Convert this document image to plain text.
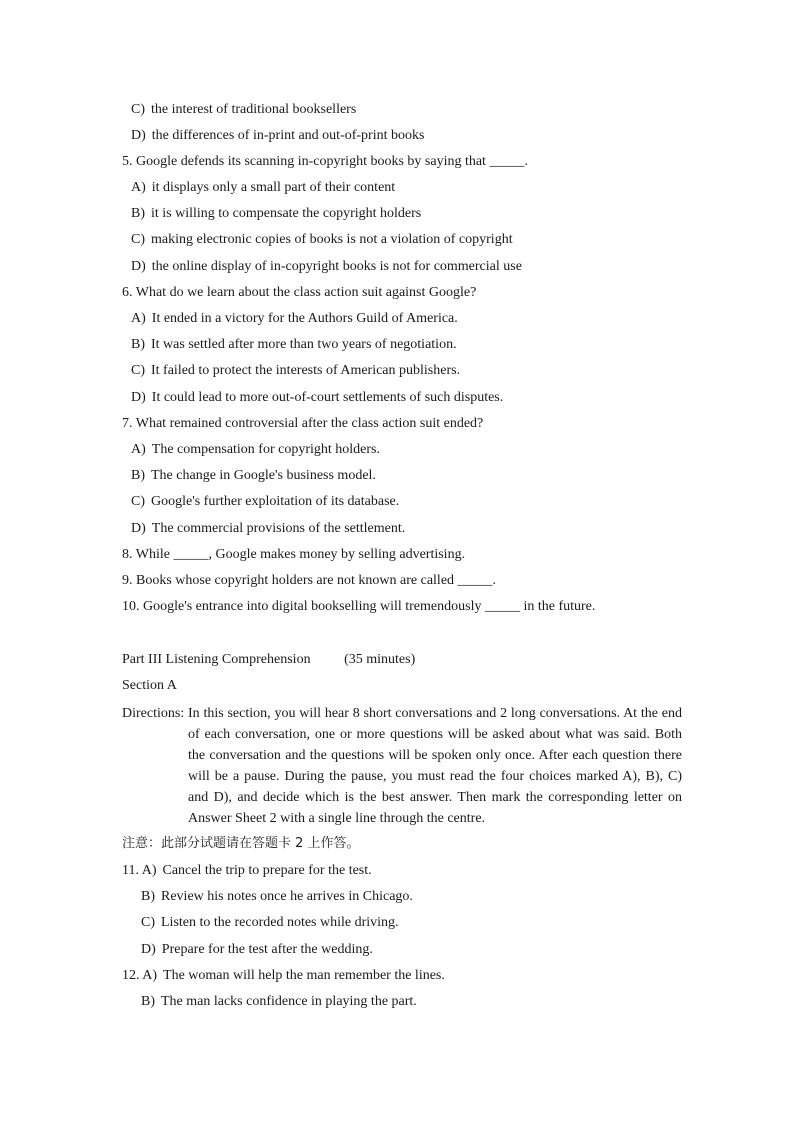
C) the interest of traditional booksellers
D) the differences of in-print and out-of-print books
5. Google defends its scanning in-copyright books by saying that _____.
A) it displays only a small part of their content
B) it is willing to compensate the copyright holders
C) making electronic copies of books is not a violation of copyright
D) the online display of in-copyright books is not for commercial use
6. What do we learn about the class action suit against Google?
A) It ended in a victory for the Authors Guild of America.
B) It was settled after more than two years of negotiation.
C) It failed to protect the interests of American publishers.
D) It could lead to more out-of-court settlements of such disputes.
7. What remained controversial after the class action suit ended?
A) The compensation for copyright holders.
B) The change in Google's business model.
C) Google's further exploitation of its database.
D) The commercial provisions of the settlement.
8. While _____, Google makes money by selling advertising.
9. Books whose copyright holders are not known are called _____.
10. Google's entrance into digital bookselling will tremendously _____ in the future.
Part III Listening Comprehension (35 minutes)
Section A
Directions: In this section, you will hear 8 short conversations and 2 long conversations. At the end of each conversation, one or more questions will be asked about what was said. Both the conversation and the questions will be spoken only once. After each question there will be a pause. During the pause, you must read the four choices marked A), B), C) and D), and decide which is the best answer. Then mark the corresponding letter on Answer Sheet 2 with a single line through the centre.
注意：此部分试题请在答题卡 2 上作答。
11. A) Cancel the trip to prepare for the test.
B) Review his notes once he arrives in Chicago.
C) Listen to the recorded notes while driving.
D) Prepare for the test after the wedding.
12. A) The woman will help the man remember the lines.
B) The man lacks confidence in playing the part.
